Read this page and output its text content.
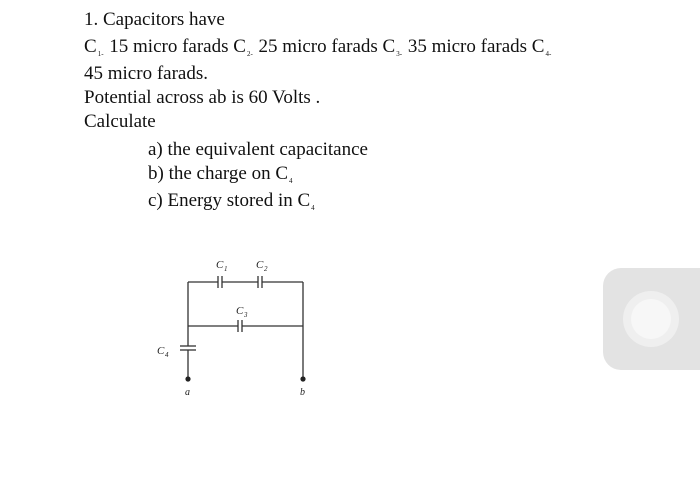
1. Capacitors have
$C_{1-}$ 15 micro farads $C_{2-}$ 25 micro farads $C_{3-}$ 35 micro farads $C_{4-}$
45 micro farads.
Potential across ab is 60 Volts .
Calculate
a) the equivalent capacitance
b) the charge on $C_4$
c) Energy stored in $C_4$
C 1	C 2
C 3
C 4
a	b
